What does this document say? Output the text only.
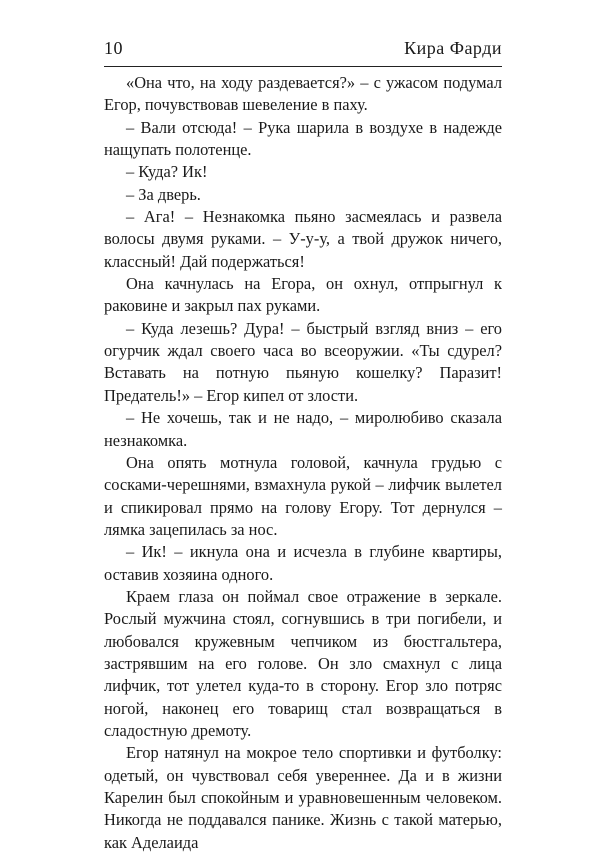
10	Кира Фарди

«Она что, на ходу раздевается?» – с ужасом подумал Егор, почувствовав шевеление в паху.

– Вали отсюда! – Рука шарила в воздухе в надежде нащупать полотенце.

– Куда? Ик!

– За дверь.

– Ага! – Незнакомка пьяно засмеялась и развела волосы двумя руками. – У-у-у, а твой дружок ничего, классный! Дай подержаться!

Она качнулась на Егора, он охнул, отпрыгнул к раковине и закрыл пах руками.

– Куда лезешь? Дура! – быстрый взгляд вниз – его огурчик ждал своего часа во всеоружии. «Ты сдурел? Вставать на потную пьяную кошелку? Паразит! Предатель!» – Егор кипел от злости.

– Не хочешь, так и не надо, – миролюбиво сказала незнакомка.

Она опять мотнула головой, качнула грудью с сосками-черешнями, взмахнула рукой – лифчик вылетел и спикировал прямо на голову Егору. Тот дернулся – лямка зацепилась за нос.

– Ик! – икнула она и исчезла в глубине квартиры, оставив хозяина одного.

Краем глаза он поймал свое отражение в зеркале. Рослый мужчина стоял, согнувшись в три погибели, и любовался кружевным чепчиком из бюстгальтера, застрявшим на его голове. Он зло смахнул с лица лифчик, тот улетел куда-то в сторону. Егор зло потряс ногой, наконец его товарищ стал возвращаться в сладостную дремоту.

Егор натянул на мокрое тело спортивки и футболку: одетый, он чувствовал себя увереннее. Да и в жизни Карелин был спокойным и уравновешенным человеком. Никогда не поддавался панике. Жизнь с такой матерью, как Аделаида
